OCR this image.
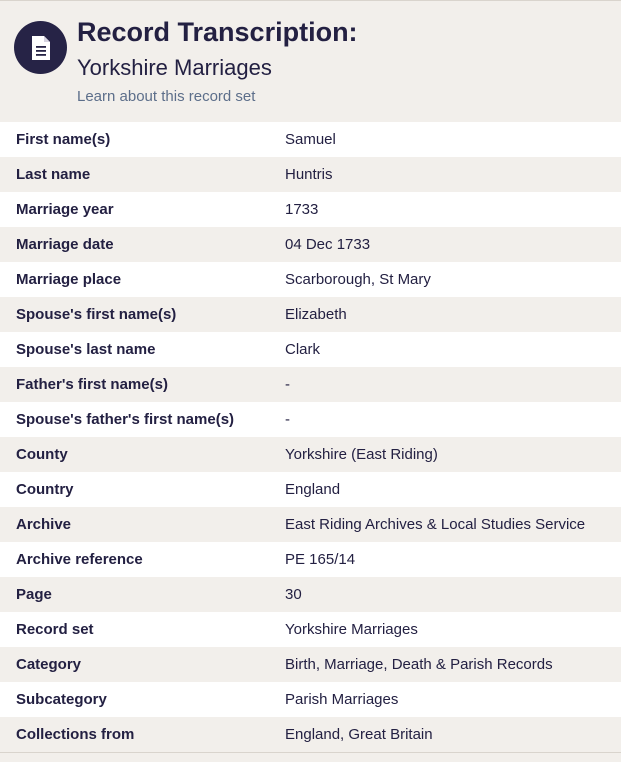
Record Transcription:
Yorkshire Marriages
Learn about this record set
First name(s)	Samuel
Last name	Huntris
Marriage year	1733
Marriage date	04 Dec 1733
Marriage place	Scarborough, St Mary
Spouse's first name(s)	Elizabeth
Spouse's last name	Clark
Father's first name(s)	-
Spouse's father's first name(s)	-
County	Yorkshire (East Riding)
Country	England
Archive	East Riding Archives & Local Studies Service
Archive reference	PE 165/14
Page	30
Record set	Yorkshire Marriages
Category	Birth, Marriage, Death & Parish Records
Subcategory	Parish Marriages
Collections from	England, Great Britain
